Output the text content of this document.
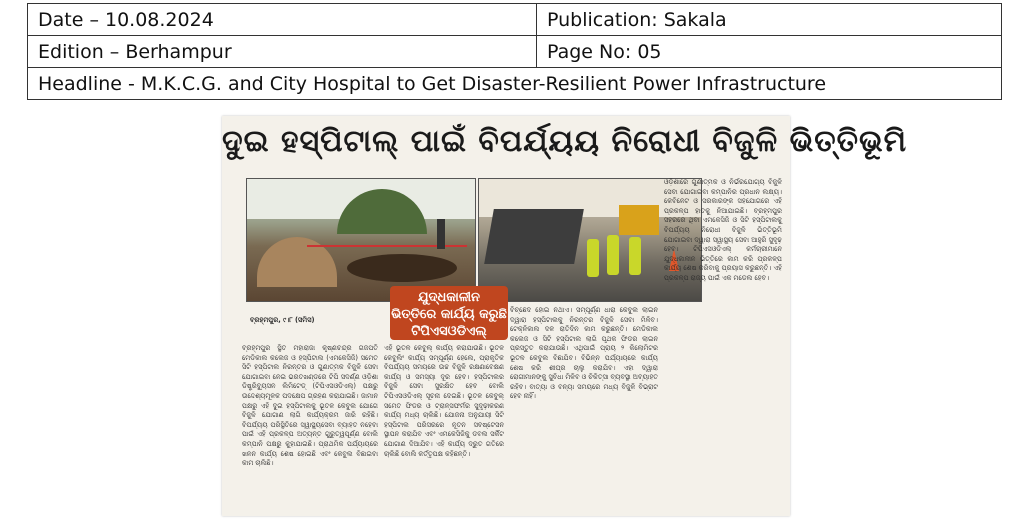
Date – 10.08.2024	Publication: Sakala
Edition – Berhampur	Page No: 05
Headline - M.K.C.G. and City Hospital to Get Disaster-Resilient Power Infrastructure	
ଦୁଇ ହସ୍ପିଟାଲ୍ ପାଇଁ ବିପର୍ଯ୍ୟୟ ନିରୋଧୀ ବିଜୁଳି ଭିତ୍ତିଭୂମି
ଯୁଦ୍ଧକାଳୀନ
ଭିତ୍ତିରେ କାର୍ଯ୍ୟ କରୁଛି
ଟିପିଏସଓଡିଏଲ୍
ବ୍ରହ୍ମପୁର, ୯।୮ (ସମିସ)
ବ୍ରହ୍ମପୁର ସ୍ଥିତ ମହାରାଜା କୃଷ୍ଣଚନ୍ଦ୍ର ଗଜପତି ମେଡିକାଲ କଲେଜ ଓ ହସ୍ପିଟାଲ (ଏମକେସିଜି) ସମେତ ସିଟି ହସ୍ପିଟାଲ ନିରନ୍ତର ଓ ଗୁଣାତ୍ମକ ବିଜୁଳି ସେବା ଯୋଗାଇବା ନେଇ ଭରତଖଣ୍ଡରେ ଟିପି ସଦର୍ଣ୍ଣ ଓଡ଼ିଶା ଡିଷ୍ଟ୍ରିବ୍ୟୁସନ ଲିମିଟେଡ୍ (ଟିପିଏସଓଡିଏଲ୍) ପକ୍ଷରୁ ଉଦ୍ଦେଶ୍ୟମୂଳକ ପଦକ୍ଷେପ ଗ୍ରହଣ କରାଯାଇଛି। ଜାମାନ ପକ୍ଷରୁ ଏହି ଦୁଇ ହସ୍ପିଟାଲକୁ ଭୂତଳ କେବୁଲ ଯୋଗେ ବିଜୁଳି ଯୋଗାଣ ଲାଗି କାର୍ଯ୍ୟକ୍ରମ ଜାରି ରହିଛି। ବିପର୍ଯ୍ୟୟ ପରିସ୍ଥିତିରେ ସ୍ୱାସ୍ଥ୍ୟସେବା ବ୍ୟାହତ ନହେବା ପାଇଁ ଏହି ପ୍ରକଳ୍ପ ଅତ୍ୟନ୍ତ ଗୁରୁତ୍ୱପୂର୍ଣ୍ଣ ବୋଲି କମ୍ପାନି ପକ୍ଷରୁ କୁହାଯାଇଛି। ପ୍ରାଥମିକ ପର୍ଯ୍ୟାୟରେ ଖନନ କାର୍ଯ୍ୟ ଶେଷ ହୋଇଛି ଏବଂ କେବୁଲ ବିଛାଇବା କାମ ଚାଲିଛି।
ଏହି ଭୂତଳ କେବୁଲ୍ କାର୍ଯ୍ୟ କରାଯାଉଛି। ଭୂତଳ କେବୁଲିଂ କାର୍ଯ୍ୟ ସମ୍ପୂର୍ଣ୍ଣ ହେଲେ, ପ୍ରାକୃତିକ ବିପର୍ଯ୍ୟୟ ସମୟରେ ଉଚ୍ଚ ବିଜୁଳି ରକ୍ଷଣାବେକ୍ଷଣ କାର୍ଯ୍ୟ ଓ ସମସ୍ୟା ଦୂର ହେବ। ହସ୍ପିଟାଲର ବିଜୁଳି ସେବା ସୁରକ୍ଷିତ ହେବ ବୋଲି ଟିପିଏସଓଡିଏଲ୍ ସୂଚନା ଦେଇଛି। ଭୂତଳ କେବୁଲ୍ ସମେତ ଫିଡର ଓ ଟ୍ରାନ୍ସଫର୍ମର ସୁଦୃଢ଼ୀକରଣ କାର୍ଯ୍ୟ ମଧ୍ୟ ଚାଲିଛି। ଯୋଜନା ଅନୁଯାୟୀ ସିଟି ହସ୍ପିଟାଲ ପରିସରରେ ନୂତନ ସବଷ୍ଟେସନ ସ୍ଥାପନ କରାଯିବ ଏବଂ ଏମକେସିଜିକୁ ଡବଲ ସର୍କିଟ ଯୋଗାଣ ଦିଆଯିବ। ଏହି କାର୍ଯ୍ୟ ଦ୍ରୁତ ଗତିରେ ଚାଲିଛି ବୋଲି କର୍ତ୍ତୃପକ୍ଷ କହିଛନ୍ତି।
ବିଚ୍ଛେଦ ହୋଇ ନଥାଏ। ସମ୍ପୂର୍ଣ୍ଣ ଧାରା କେବୁଲ ଲାଇନ ଦ୍ୱାରା ହସ୍ପିଟାଲକୁ ନିରନ୍ତର ବିଜୁଳି ସେବା ମିଳିବ। ଟେକ୍ନିକାଲ ଦଳ ରାତିଦିନ କାମ କରୁଛନ୍ତି। ମେଡିକାଲ କଲେଜ ଓ ସିଟି ହସ୍ପିଟାଲ ଲାଗି ପୃଥକ ଫିଡର ଲାଇନ ପ୍ରସ୍ତୁତ କରାଯାଉଛି। ଏଥିପାଇଁ ପ୍ରାୟ ୨ କିଲୋମିଟର ଭୂତଳ କେବୁଲ ବିଛାଯିବ। ବିଭିନ୍ନ ପର୍ଯ୍ୟାୟରେ କାର୍ଯ୍ୟ ଶେଷ କରି ଶୀଘ୍ର ଚାଲୁ କରାଯିବ। ଏହା ଦ୍ୱାରା ରୋଗୀମାନଙ୍କୁ ସୁବିଧା ମିଳିବ ଓ ଚିକିତ୍ସା ବ୍ୟବସ୍ଥା ଅବ୍ୟାହତ ରହିବ। ବାତ୍ୟା ଓ ବନ୍ୟା ସମୟରେ ମଧ୍ୟ ବିଜୁଳି ବିଭ୍ରାଟ ହେବ ନାହିଁ।
ଓଡ଼ିଶାରେ ଗୁଣାତ୍ମକ ଓ ନିର୍ଭରଯୋଗ୍ୟ ବିଜୁଳି ସେବା ଯୋଗାଇବା କମ୍ପାନିର ପ୍ରଧାନ ଲକ୍ଷ୍ୟ। କେବିନେଟ ଓ ସରକାରଙ୍କ ସହଯୋଗରେ ଏହି ପ୍ରକଳ୍ପ ହାତକୁ ନିଆଯାଇଛି। ବ୍ରହ୍ମପୁର ସହରରେ ଥିବା ଏମକେସିଜି ଓ ସିଟି ହସ୍ପିଟାଲକୁ ବିପର୍ଯ୍ୟୟ ନିରୋଧୀ ବିଜୁଳି ଭିତ୍ତିଭୂମି ଯୋଗାଇବା ଦ୍ୱାରା ସ୍ୱାସ୍ଥ୍ୟ ସେବା ଆହୁରି ସୁଦୃଢ଼ ହେବ। ଟିପିଏସଓଡିଏଲ୍ କର୍ମଚାରୀମାନେ ଯୁଦ୍ଧକାଳୀନ ଭିତ୍ତିରେ କାମ କରି ପ୍ରକଳ୍ପ କାର୍ଯ୍ୟ ଶେଷ କରିବାକୁ ପ୍ରୟାସ କରୁଛନ୍ତି। ଏହି ପ୍ରକଳ୍ପ ରାଜ୍ୟ ପାଇଁ ଏକ ମଡେଲ ହେବ।
